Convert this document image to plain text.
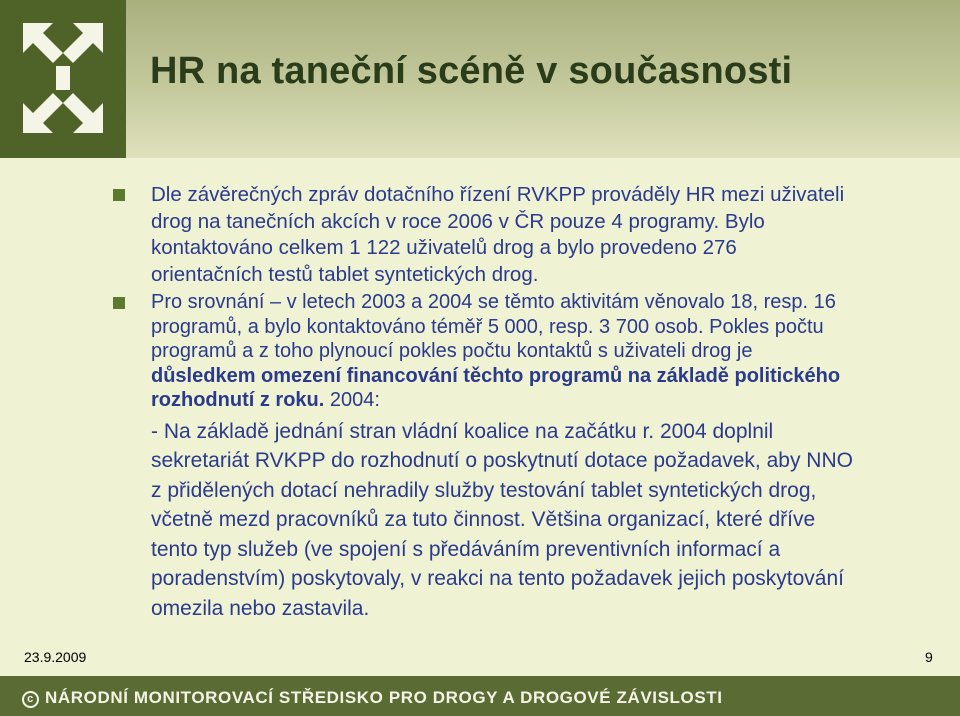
HR na taneční scéně v současnosti
Dle závěrečných zpráv dotačního řízení RVKPP prováděly HR mezi uživateli drog na tanečních akcích v roce 2006 v ČR pouze 4 programy. Bylo kontaktováno celkem 1 122 uživatelů drog a bylo provedeno 276 orientačních testů tablet syntetických drog.
Pro srovnání – v letech 2003 a 2004 se těmto aktivitám věnovalo 18, resp. 16 programů, a bylo kontaktováno téměř 5 000, resp. 3 700 osob. Pokles počtu programů a z toho plynoucí pokles počtu kontaktů s uživateli drog je důsledkem omezení financování těchto programů na základě politického rozhodnutí z roku. 2004:
- Na základě jednání stran vládní koalice na začátku r. 2004 doplnil sekretariát RVKPP do rozhodnutí o poskytnutí dotace požadavek, aby NNO z přidělených dotací nehradily služby testování tablet syntetických drog, včetně mezd pracovníků za tuto činnost. Většina organizací, které dříve tento typ služeb (ve spojení s předáváním preventivních informací a poradenstvím) poskytovaly, v reakci na tento požadavek jejich poskytování omezila nebo zastavila.
23.9.2009	9
c NÁRODNÍ MONITOROVACÍ STŘEDISKO PRO DROGY A DROGOVÉ ZÁVISLOSTI
